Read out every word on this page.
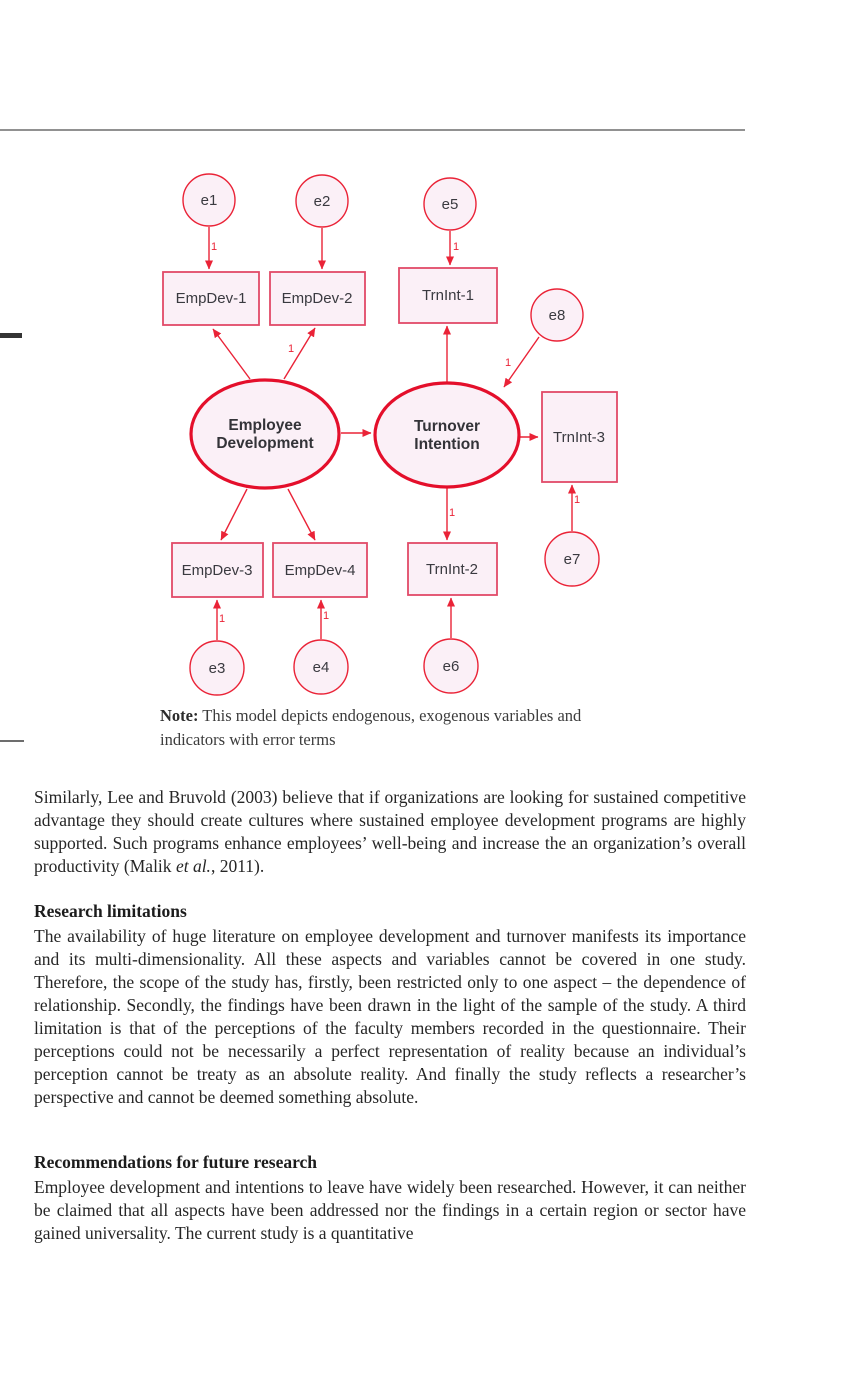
1	1
1
1
1
1
1	1
e1	e2	e5
e8
e7
e3	e4	e6
EmpDev-1 EmpDev-2	TrnInt-1
EmpDev-3 EmpDev-4	TrnInt-2
TrnInt-3
Employee
Development
Turnover
Intention
Note: This model depicts endogenous, exogenous variables and indicators with error terms
Similarly, Lee and Bruvold (2003) believe that if organizations are looking for sustained competitive advantage they should create cultures where sustained employee development programs are highly supported. Such programs enhance employees’ well-being and increase the an organization’s overall productivity (Malik et al., 2011).
Research limitations
The availability of huge literature on employee development and turnover manifests its importance and its multi-dimensionality. All these aspects and variables cannot be covered in one study. Therefore, the scope of the study has, firstly, been restricted only to one aspect – the dependence of relationship. Secondly, the findings have been drawn in the light of the sample of the study. A third limitation is that of the perceptions of the faculty members recorded in the questionnaire. Their perceptions could not be necessarily a perfect representation of reality because an individual’s perception cannot be treaty as an absolute reality. And finally the study reflects a researcher’s perspective and cannot be deemed something absolute.
Recommendations for future research
Employee development and intentions to leave have widely been researched. However, it can neither be claimed that all aspects have been addressed nor the findings in a certain region or sector have gained universality. The current study is a quantitative
